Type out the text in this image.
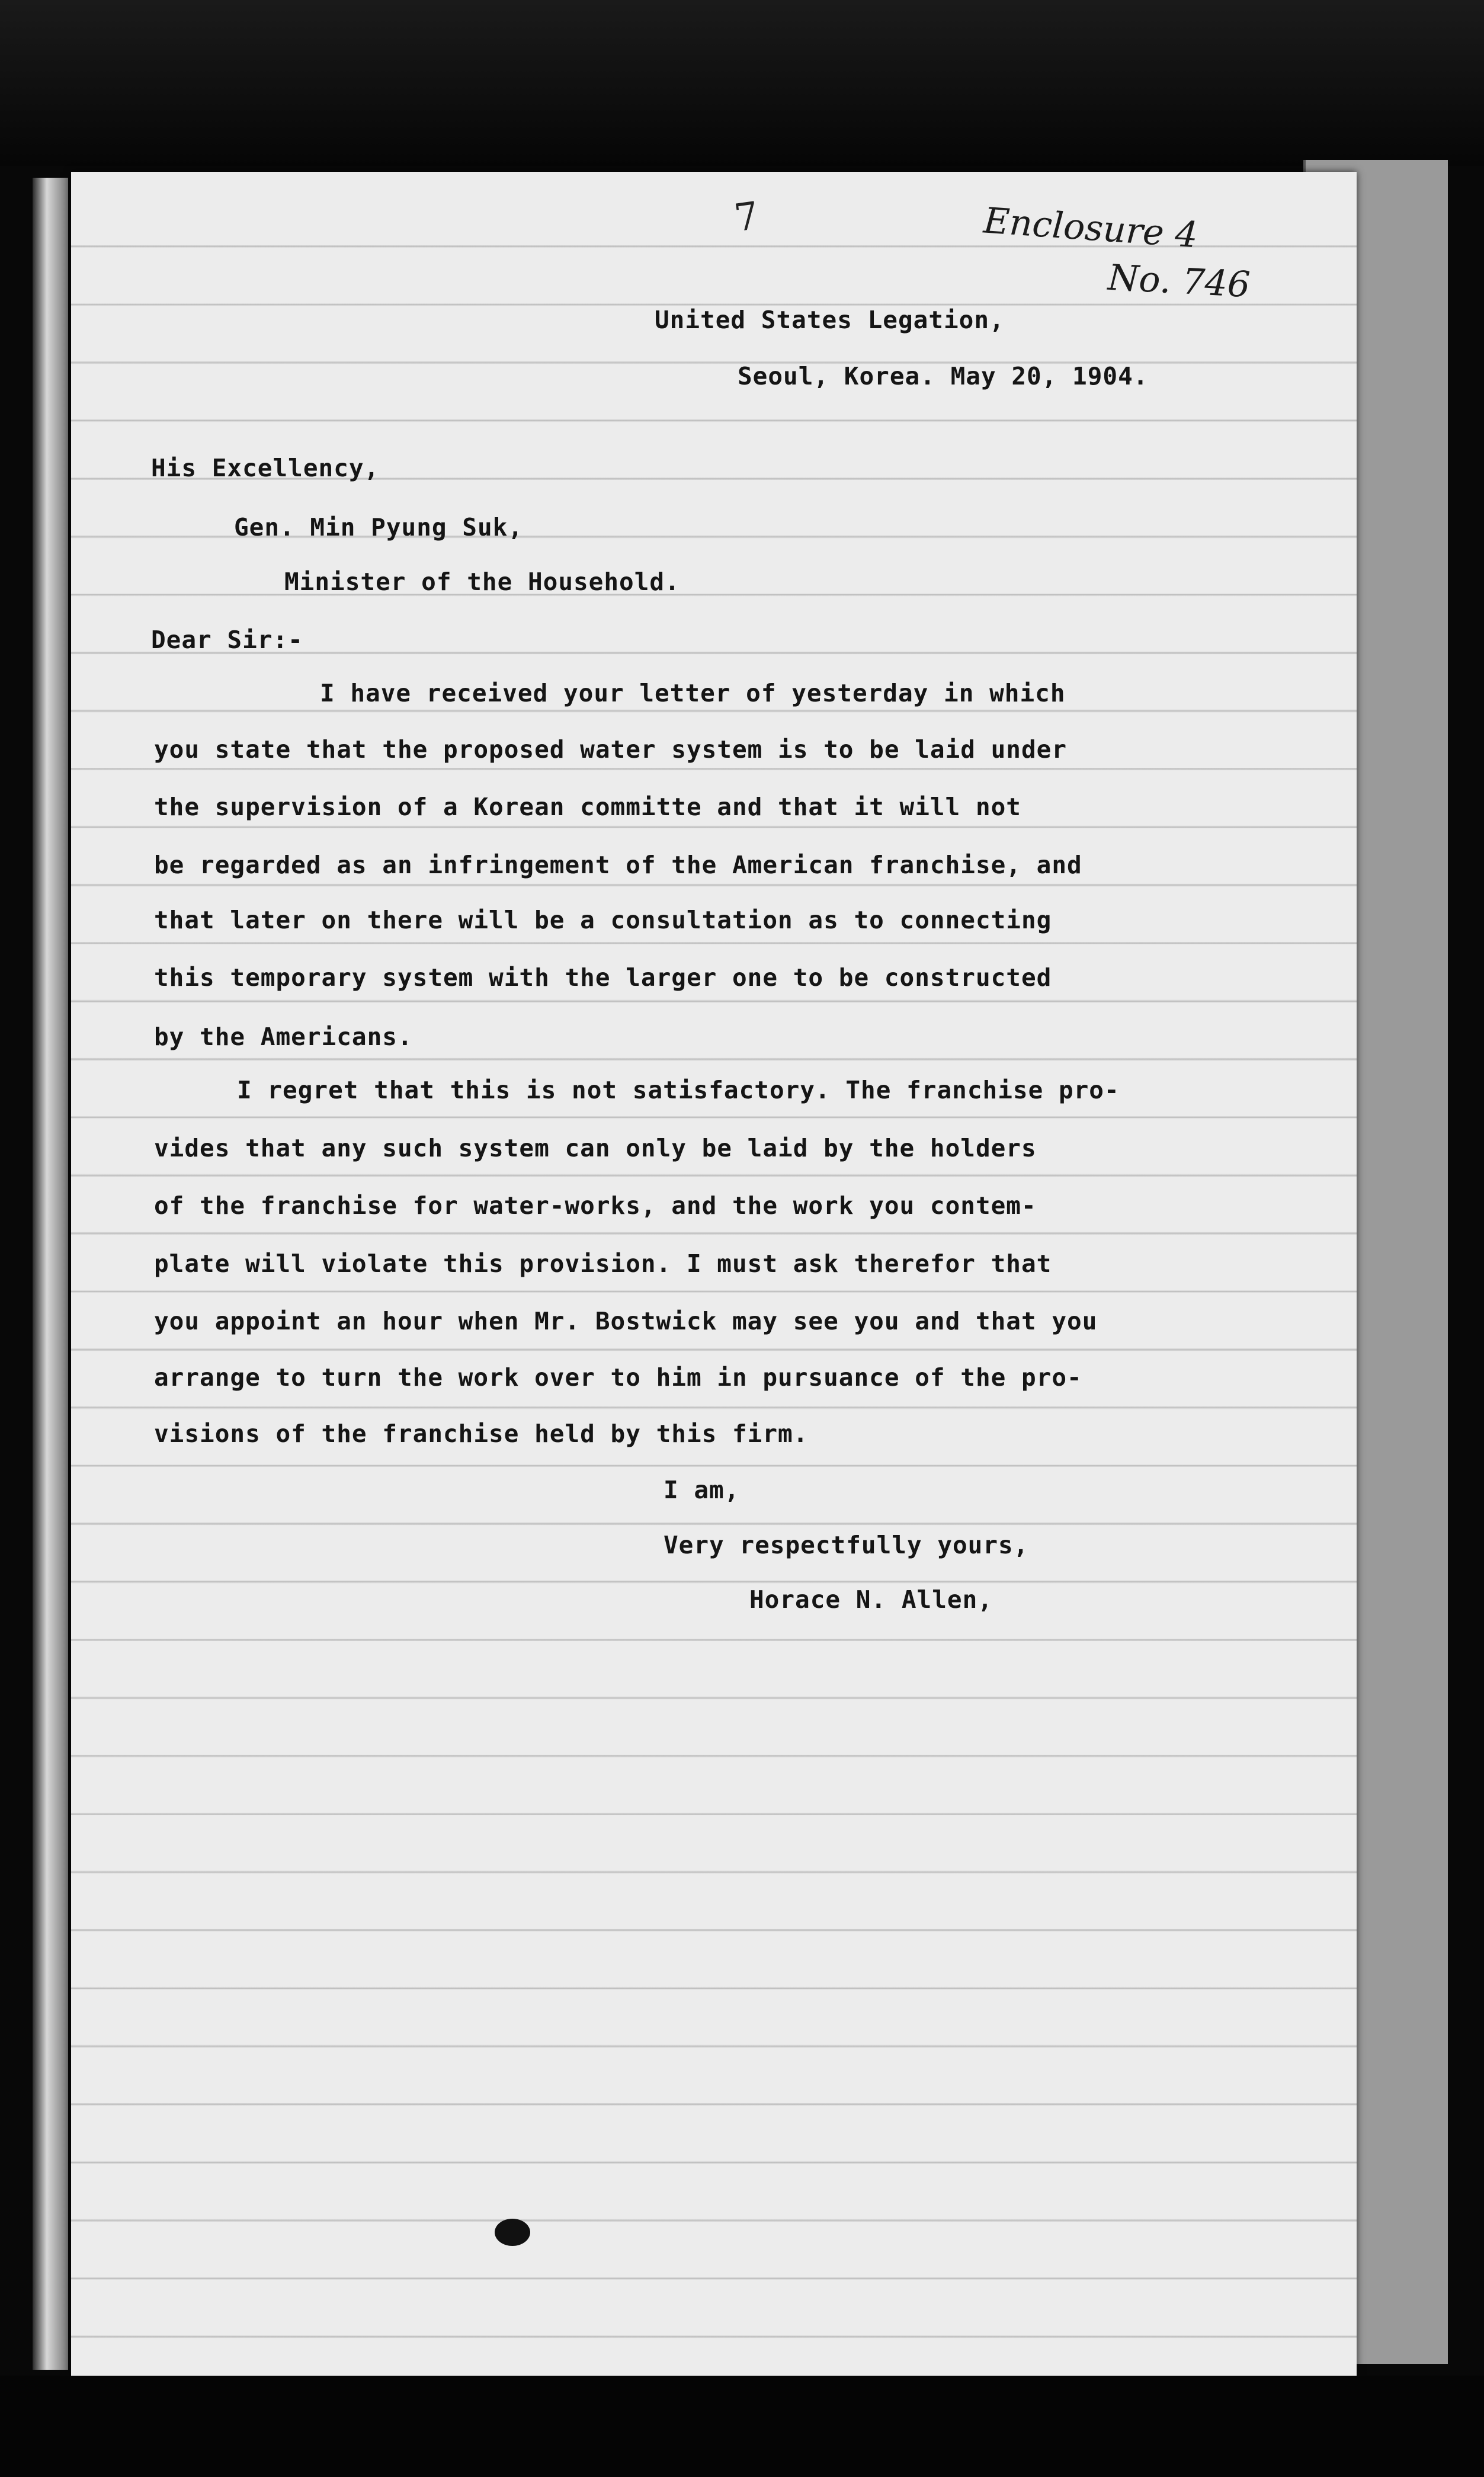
7	Enclosure 4
No. 746
United States Legation,
Seoul, Korea. May 20, 1904.
His Excellency,
Gen. Min Pyung Suk,
Minister of the Household.
Dear Sir:-
I have received your letter of yesterday in which
you state that the proposed water system is to be laid under
the supervision of a Korean committe and that it will not
be regarded as an infringement of the American franchise, and
that later on there will be a consultation as to connecting
this temporary system with the larger one to be constructed
by the Americans.
I regret that this is not satisfactory. The franchise pro-
vides that any such system can only be laid by the holders
of the franchise for water-works, and the work you contem-
plate will violate this provision. I must ask therefor that
you appoint an hour when Mr. Bostwick may see you and that you
arrange to turn the work over to him in pursuance of the pro-
visions of the franchise held by this firm.
I am,
Very respectfully yours,
Horace N. Allen,
